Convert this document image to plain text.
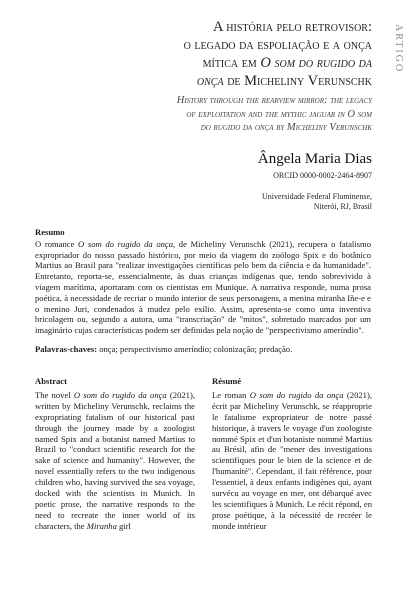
ARTIGO
A história pelo retrovisor:
o legado da espoliação e a onça
mítica em O som do rugido da
onça de Micheliny Verunschk
History through the rearview mirror: the legacy
of exploitation and the mythic jaguar in O som
do rugido da onça by Micheliny Verunschk
Ângela Maria Dias
ORCID 0000-0002-2464-8907
Universidade Federal Fluminense,
Niterói, RJ, Brasil
Resumo
O romance O som do rugido da onça, de Micheliny Verunschk (2021), recupera o fatalismo expropriador do nosso passado histórico, por meio da viagem do zoólogo Spix e do botânico Martius ao Brasil para "realizar investigações científicas pelo bem da ciência e da humanidade". Entretanto, reporta-se, essencialmente, às duas crianças indígenas que, tendo sobrevivido à viagem marítima, aportaram com os cientistas em Munique. A narrativa responde, numa prosa poética, à necessidade de recriar o mundo interior de seus personagens, a menina miranha Iñe-e e o menino Juri, condenados à mudez pelo exílio. Assim, apresenta-se como uma inventiva bricolagem ou, segundo a autora, uma "transcriação" de "mitos", sobretudo marcados por um imaginário cujas características podem ser definidas pela noção de "perspectivismo ameríndio".
Palavras-chaves: onça; perspectivismo ameríndio; colonização; predação.
Abstract
The novel O som do rugido da onça (2021), written by Micheliny Verunschk, reclaims the expropriating fatalism of our historical past through the journey made by a zoologist named Spix and a botanist named Martius to Brazil to "conduct scientific research for the sake of science and humanity". However, the novel essentially refers to the two indigenous children who, having survived the sea voyage, docked with the scientists in Munich. In poetic prose, the narrative responds to the need to recreate the inner world of its characters, the Miranha girl
Résumé
Le roman O som do rugido da onça (2021), écrit par Micheliny Verunschk, se réapproprie le fatalisme expropriateur de notre passé historique, à travers le voyage d'un zoologiste nommé Spix et d'un botaniste nommé Martius au Brésil, afin de "mener des investigations scientifiques pour le bien de la science et de l'humanité". Cependant, il fait référence, pour l'essentiel, à deux enfants indigènes qui, ayant survécu au voyage en mer, ont débarqué avec les scientifiques à Munich. Le récit répond, en prose poétique, à la nécessité de recréer le monde intérieur
